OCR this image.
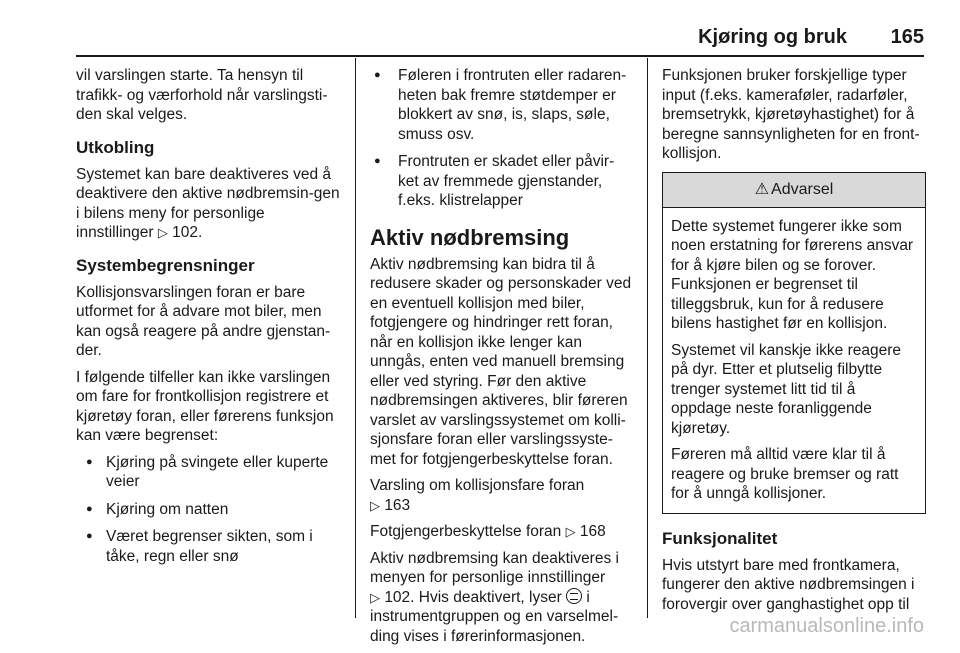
Kjøring og bruk 165

vil varslingen starte. Ta hensyn til trafikk- og værforhold når varslingsti-den skal velges.

Utkobling

Systemet kan bare deaktiveres ved å deaktivere den aktive nødbremsin-gen i bilens meny for personlige innstillinger ▷ 102.

Systembegrensninger

Kollisjonsvarslingen foran er bare utformet for å advare mot biler, men kan også reagere på andre gjenstan-der.

I følgende tilfeller kan ikke varslingen om fare for frontkollisjon registrere et kjøretøy foran, eller førerens funksjon kan være begrenset:

● Kjøring på svingete eller kuperte veier
● Kjøring om natten
● Været begrenser sikten, som i tåke, regn eller snø
● Føleren i frontruten eller radaren-heten bak fremre støtdemper er blokkert av snø, is, slaps, søle, smuss osv.
● Frontruten er skadet eller påvir-ket av fremmede gjenstander, f.eks. klistrelapper
Aktiv nødbremsing

Aktiv nødbremsing kan bidra til å redusere skader og personskader ved en eventuell kollisjon med biler, fotgjengere og hindringer rett foran, når en kollisjon ikke lenger kan unngås, enten ved manuell bremsing eller ved styring. Før den aktive nødbremsingen aktiveres, blir føreren varslet av varslingssystemet om kolli-sjonsfare foran eller varslingssyste-met for fotgjengerbeskyttelse foran.

Varsling om kollisjonsfare foran
▷ 163

Fotgjengerbeskyttelse foran ▷ 168

Aktiv nødbremsing kan deaktiveres i menyen for personlige innstillinger
▷ 102. Hvis deaktivert, lyser i instrumentgruppen og en varselmel-ding vises i førerinformasjonen.

Funksjonen bruker forskjellige typer input (f.eks. kameraføler, radarføler, bremsetrykk, kjøretøyhastighet) for å beregne sannsynligheten for en front-kollisjon.

⚠ Advarsel

Dette systemet fungerer ikke som noen erstatning for førerens ansvar for å kjøre bilen og se forover. Funksjonen er begrenset til tilleggsbruk, kun for å redusere bilens hastighet før en kollisjon.

Systemet vil kanskje ikke reagere på dyr. Etter et plutselig filbytte trenger systemet litt tid til å oppdage neste foranliggende kjøretøy.

Føreren må alltid være klar til å reagere og bruke bremser og ratt for å unngå kollisjoner.

Funksjonalitet

Hvis utstyrt bare med frontkamera, fungerer den aktive nødbremsingen i forovergir over ganghastighet opp til

carmanualsonline.info
